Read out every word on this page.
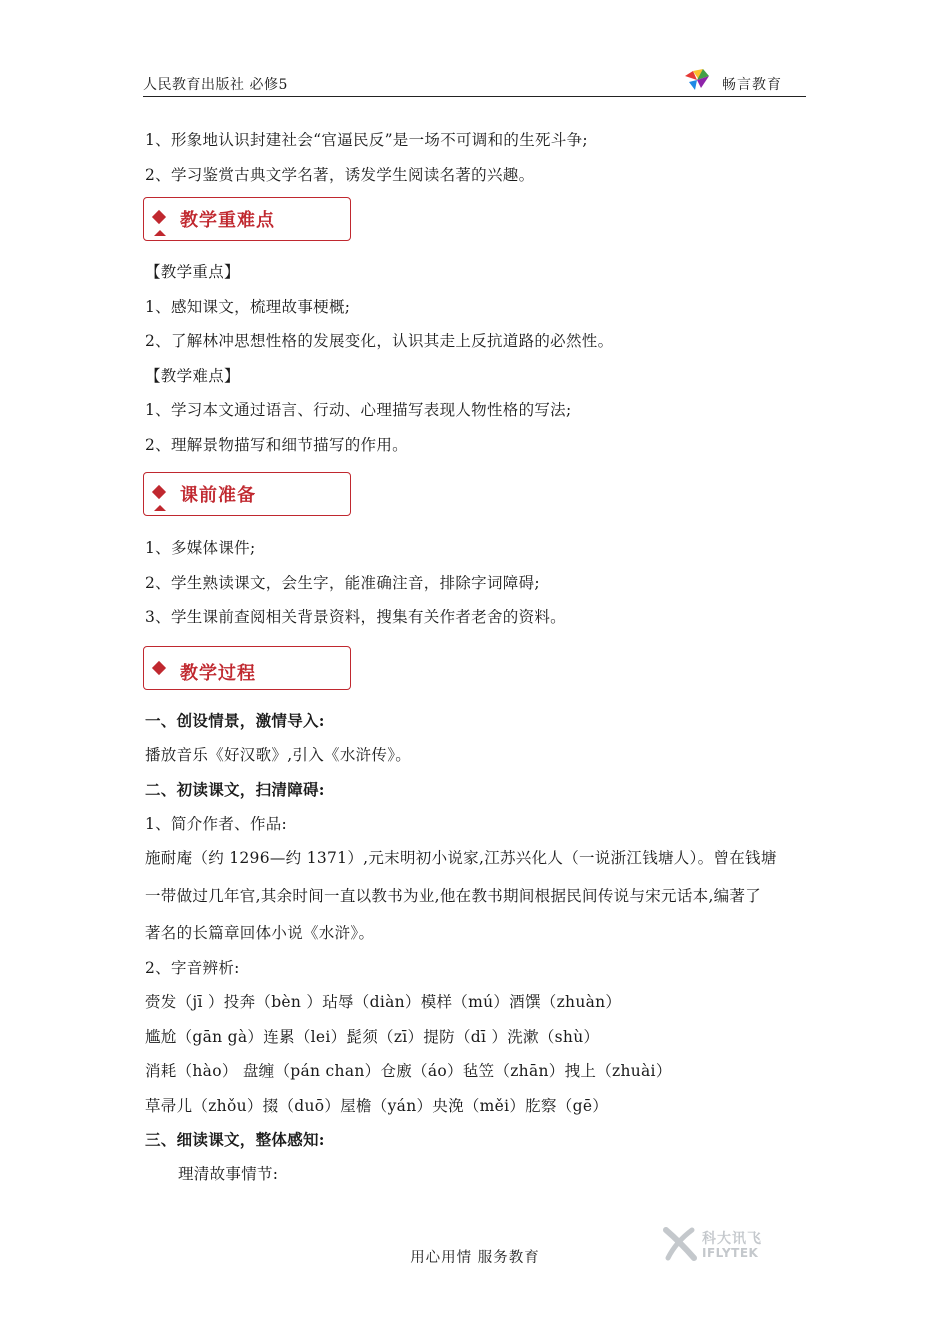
人民教育出版社 必修5	畅言教育
1、形象地认识封建社会“官逼民反”是一场不可调和的生死斗争;
2、学习鉴赏古典文学名著，诱发学生阅读名著的兴趣。
教学重难点
【教学重点】
1、感知课文，梳理故事梗概;
2、了解林冲思想性格的发展变化，认识其走上反抗道路的必然性。
【教学难点】
1、学习本文通过语言、行动、心理描写表现人物性格的写法;
2、理解景物描写和细节描写的作用。
课前准备
1、多媒体课件;
2、学生熟读课文，会生字，能准确注音，排除字词障碍;
3、学生课前查阅相关背景资料，搜集有关作者老舍的资料。
教学过程
一、创设情景，激情导入:
播放音乐《好汉歌》,引入《水浒传》。
二、初读课文，扫清障碍:
1、简介作者、作品:
施耐庵（约 1296—约 1371）,元末明初小说家,江苏兴化人（一说浙江钱塘人）。曾在钱塘
一带做过几年官,其余时间一直以教书为业,他在教书期间根据民间传说与宋元话本,编著了
著名的长篇章回体小说《水浒》。
2、字音辨析:
赍发（jī ）投奔（bèn ）玷辱（diàn）模样（mú）酒馔（zhuàn）
尴尬（gān gà）连累（lei）髭须（zī）提防（dī ）洗漱（shù）
消耗（hào） 盘缠（pán chan）仓廒（áo）毡笠（zhān）拽上（zhuài）
草帚儿（zhǒu）掇（duō）屋檐（yán）央浼（měi）肐察（gē）
三、细读课文，整体感知:
理清故事情节:
用心用情 服务教育
科大讯飞
IFLYTEK
